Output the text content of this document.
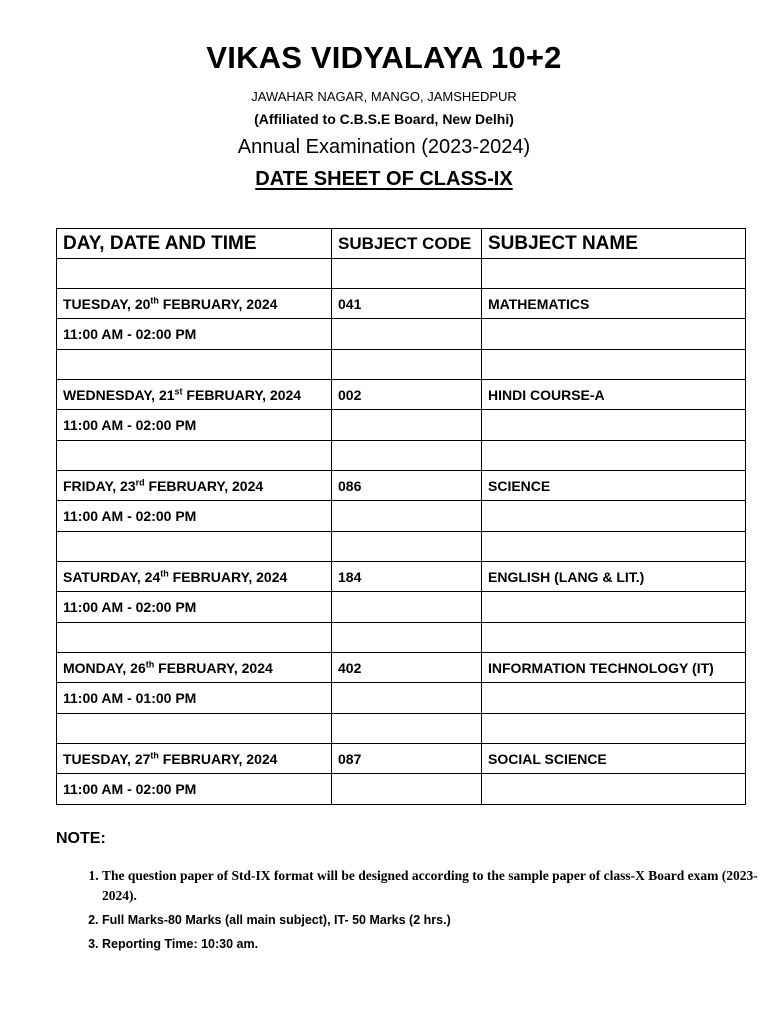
VIKAS VIDYALAYA 10+2
JAWAHAR NAGAR, MANGO, JAMSHEDPUR
(Affiliated to C.B.S.E Board, New Delhi)
Annual Examination (2023-2024)
DATE SHEET OF CLASS-IX
DAY, DATE AND TIME	SUBJECT CODE	SUBJECT NAME

TUESDAY, 20th FEBRUARY, 2024	041	MATHEMATICS
11:00 AM - 02:00 PM		

WEDNESDAY, 21st FEBRUARY, 2024	002	HINDI COURSE-A
11:00 AM - 02:00 PM		

FRIDAY, 23rd FEBRUARY, 2024	086	SCIENCE
11:00 AM - 02:00 PM		

SATURDAY, 24th FEBRUARY, 2024	184	ENGLISH (LANG & LIT.)
11:00 AM - 02:00 PM		

MONDAY, 26th FEBRUARY, 2024	402	INFORMATION TECHNOLOGY (IT)
11:00 AM - 01:00 PM		

TUESDAY, 27th FEBRUARY, 2024	087	SOCIAL SCIENCE
11:00 AM - 02:00 PM		
NOTE:
1. The question paper of Std-IX format will be designed according to the sample paper of class-X Board exam (2023-2024).
2. Full Marks-80 Marks (all main subject), IT- 50 Marks (2 hrs.)
3. Reporting Time: 10:30 am.
